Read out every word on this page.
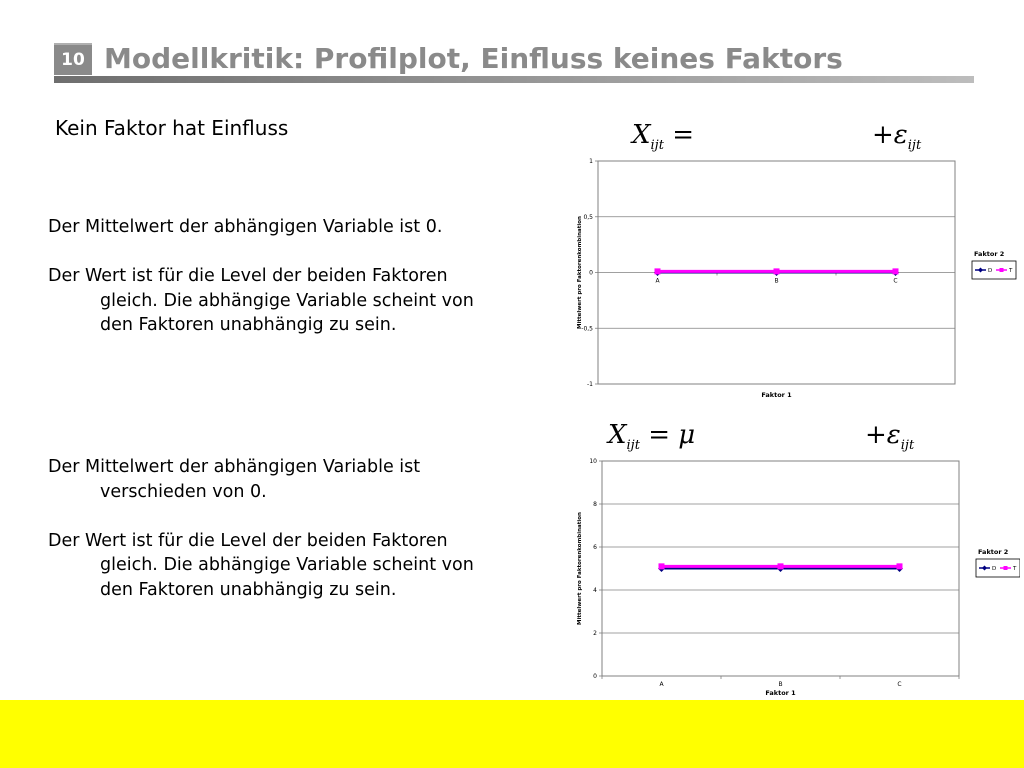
10 Modellkritik: Profilplot, Einfluss keines Faktors
Kein Faktor hat Einfluss

Der Mittelwert der abhängigen Variable ist 0.

Der Wert ist für die Level der beiden Faktoren
gleich. Die abhängige Variable scheint von
den Faktoren unabhängig zu sein.

Der Mittelwert der abhängigen Variable ist
verschieden von 0.

Der Wert ist für die Level der beiden Faktoren
gleich. Die abhängige Variable scheint von
den Faktoren unabhängig zu sein.

$X_{ijt}$ =	$+\varepsilon_{ijt}$
$X_{ijt} = \mu$	$+\varepsilon_{ijt}$
-1
-0,5
0
0,5
1
A	B	C
Faktor 1
Mittelwert pro Faktorenkombination	Faktor 2
D	T
0
2
4
6
8
10
A	B	C
Faktor 1
Mittelwert pro Faktorenkombination	Faktor 2
D	T
